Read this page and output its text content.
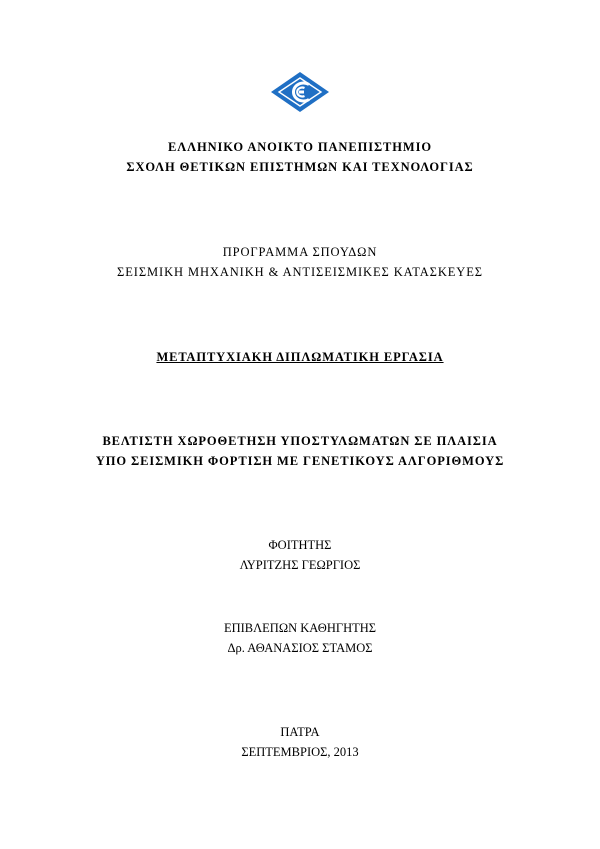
ΕΛΛΗΝΙΚΟ ΑΝΟΙΚΤΟ ΠΑΝΕΠΙΣΤΗΜΙΟ
ΣΧΟΛΗ ΘΕΤΙΚΩΝ ΕΠΙΣΤΗΜΩΝ ΚΑΙ ΤΕΧΝΟΛΟΓΙΑΣ
ΠΡΟΓΡΑΜΜΑ ΣΠΟΥΔΩΝ
ΣΕΙΣΜΙΚΗ ΜΗΧΑΝΙΚΗ & ΑΝΤΙΣΕΙΣΜΙΚΕΣ ΚΑΤΑΣΚΕΥΕΣ
ΜΕΤΑΠΤΥΧΙΑΚΗ ΔΙΠΛΩΜΑΤΙΚΗ ΕΡΓΑΣΙΑ
ΒΕΛΤΙΣΤΗ ΧΩΡΟΘΕΤΗΣΗ ΥΠΟΣΤΥΛΩΜΑΤΩΝ ΣΕ ΠΛΑΙΣΙΑ
ΥΠΟ ΣΕΙΣΜΙΚΗ ΦΟΡΤΙΣΗ ΜΕ ΓΕΝΕΤΙΚΟΥΣ ΑΛΓΟΡΙΘΜΟΥΣ
ΦΟΙΤΗΤΗΣ
ΛΥΡΙΤΖΗΣ ΓΕΩΡΓΙΟΣ
ΕΠΙΒΛΕΠΩΝ ΚΑΘΗΓΗΤΗΣ
Δρ. ΑΘΑΝΑΣΙΟΣ ΣΤΑΜΟΣ
ΠΑΤΡΑ
ΣΕΠΤΕΜΒΡΙΟΣ, 2013
